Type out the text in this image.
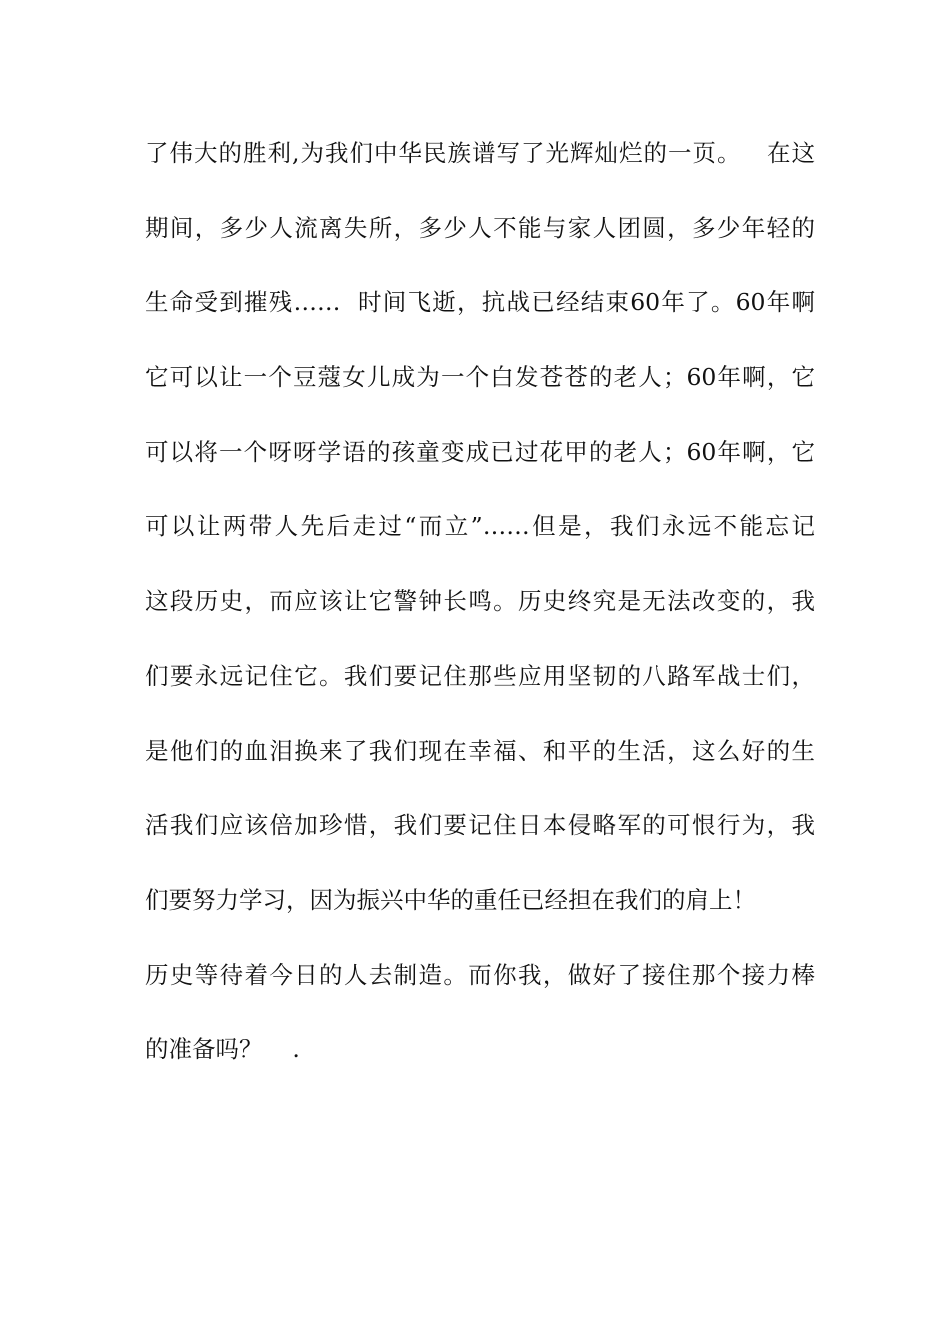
了伟大的胜利,为我们中华民族谱写了光辉灿烂的一页。   在这
期间，多少人流离失所，多少人不能与家人团圆，多少年轻的
生命受到摧残……  时间飞逝，抗战已经结束60年了。60年啊
它可以让一个豆蔻女儿成为一个白发苍苍的老人；60年啊，它
可以将一个呀呀学语的孩童变成已过花甲的老人；60年啊，它
可以让两带人先后走过“而立”……但是，我们永远不能忘记
这段历史，而应该让它警钟长鸣。历史终究是无法改变的，我
们要永远记住它。我们要记住那些应用坚韧的八路军战士们，
是他们的血泪换来了我们现在幸福、和平的生活，这么好的生
活我们应该倍加珍惜，我们要记住日本侵略军的可恨行为，我
们要努力学习，因为振兴中华的重任已经担在我们的肩上！
历史等待着今日的人去制造。而你我，做好了接住那个接力棒
的准备吗？    .
